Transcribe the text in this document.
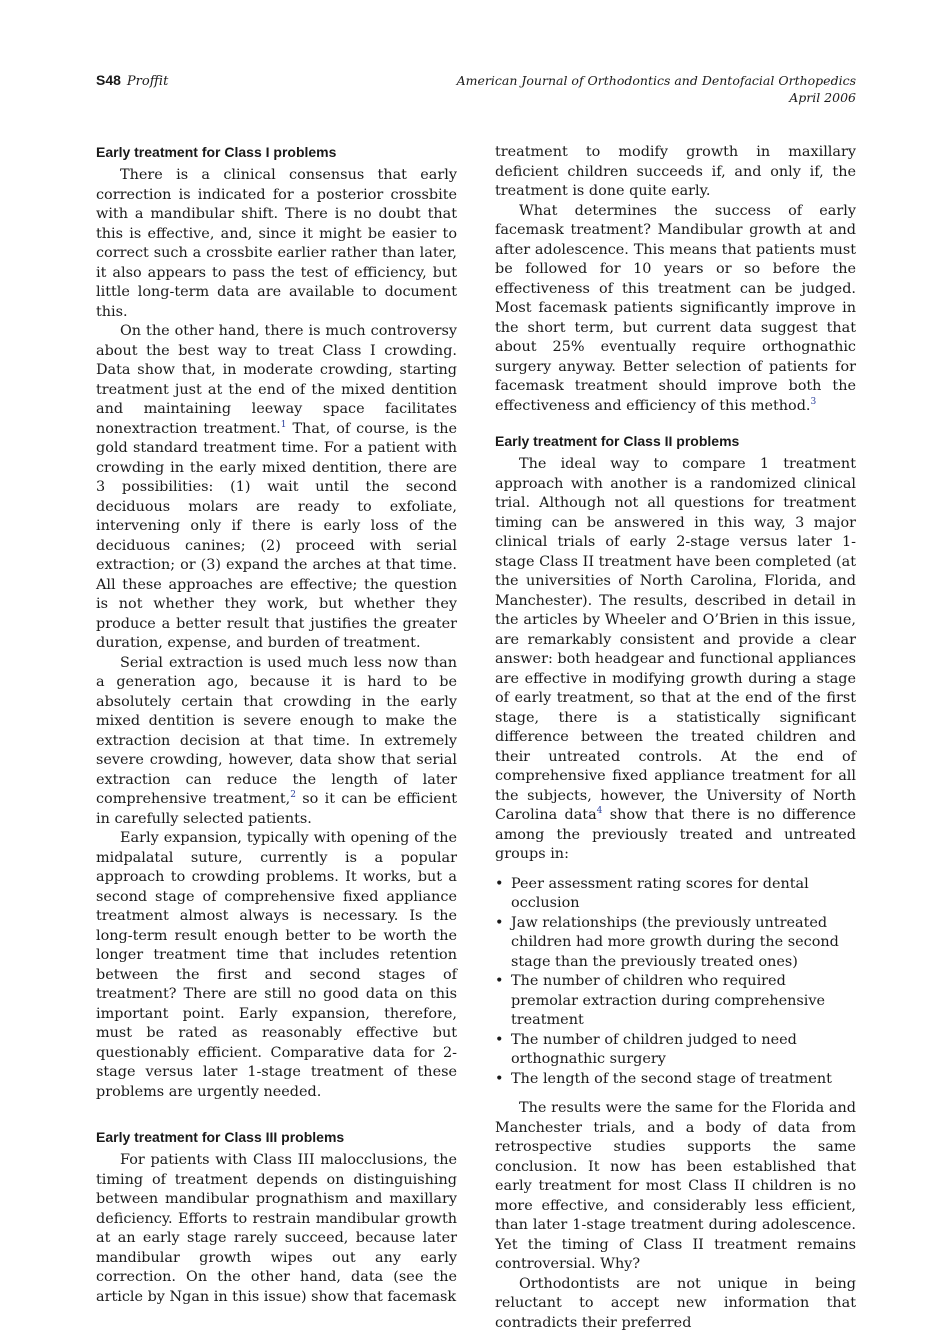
S48 Proffit	American Journal of Orthodontics and Dentofacial Orthopedics
April 2006
Early treatment for Class I problems

There is a clinical consensus that early correction is indicated for a posterior crossbite with a mandibular shift. There is no doubt that this is effective, and, since it might be easier to correct such a crossbite earlier rather than later, it also appears to pass the test of efficiency, but little long-term data are available to document this.

On the other hand, there is much controversy about the best way to treat Class I crowding. Data show that, in moderate crowding, starting treatment just at the end of the mixed dentition and maintaining leeway space facilitates nonextraction treatment.$^1$ That, of course, is the gold standard treatment time. For a patient with crowding in the early mixed dentition, there are 3 possibilities: (1) wait until the second deciduous molars are ready to exfoliate, intervening only if there is early loss of the deciduous canines; (2) proceed with serial extraction; or (3) expand the arches at that time. All these approaches are effective; the question is not whether they work, but whether they produce a better result that justifies the greater duration, expense, and burden of treatment.

Serial extraction is used much less now than a generation ago, because it is hard to be absolutely certain that crowding in the early mixed dentition is severe enough to make the extraction decision at that time. In extremely severe crowding, however, data show that serial extraction can reduce the length of later comprehensive treatment,$^2$ so it can be efficient in carefully selected patients.

Early expansion, typically with opening of the midpalatal suture, currently is a popular approach to crowding problems. It works, but a second stage of comprehensive fixed appliance treatment almost always is necessary. Is the long-term result enough better to be worth the longer treatment time that includes retention between the first and second stages of treatment? There are still no good data on this important point. Early expansion, therefore, must be rated as reasonably effective but questionably efficient. Comparative data for 2-stage versus later 1-stage treatment of these problems are urgently needed.

Early treatment for Class III problems

For patients with Class III malocclusions, the timing of treatment depends on distinguishing between mandibular prognathism and maxillary deficiency. Efforts to restrain mandibular growth at an early stage rarely succeed, because later mandibular growth wipes out any early correction. On the other hand, data (see the article by Ngan in this issue) show that facemask

treatment to modify growth in maxillary deficient children succeeds if, and only if, the treatment is done quite early.

What determines the success of early facemask treatment? Mandibular growth at and after adolescence. This means that patients must be followed for 10 years or so before the effectiveness of this treatment can be judged. Most facemask patients significantly improve in the short term, but current data suggest that about 25% eventually require orthognathic surgery anyway. Better selection of patients for facemask treatment should improve both the effectiveness and efficiency of this method.$^3$

Early treatment for Class II problems

The ideal way to compare 1 treatment approach with another is a randomized clinical trial. Although not all questions for treatment timing can be answered in this way, 3 major clinical trials of early 2-stage versus later 1-stage Class II treatment have been completed (at the universities of North Carolina, Florida, and Manchester). The results, described in detail in the articles by Wheeler and O’Brien in this issue, are remarkably consistent and provide a clear answer: both headgear and functional appliances are effective in modifying growth during a stage of early treatment, so that at the end of the first stage, there is a statistically significant difference between the treated children and their untreated controls. At the end of comprehensive fixed appliance treatment for all the subjects, however, the University of North Carolina data$^4$ show that there is no difference among the previously treated and untreated groups in:

• Peer assessment rating scores for dental occlusion
• Jaw relationships (the previously untreated children had more growth during the second stage than the previously treated ones)
• The number of children who required premolar extraction during comprehensive treatment
• The number of children judged to need orthognathic surgery
• The length of the second stage of treatment

The results were the same for the Florida and Manchester trials, and a body of data from retrospective studies supports the same conclusion. It now has been established that early treatment for most Class II children is no more effective, and considerably less efficient, than later 1-stage treatment during adolescence. Yet the timing of Class II treatment remains controversial. Why?

Orthodontists are not unique in being reluctant to accept new information that contradicts their preferred
